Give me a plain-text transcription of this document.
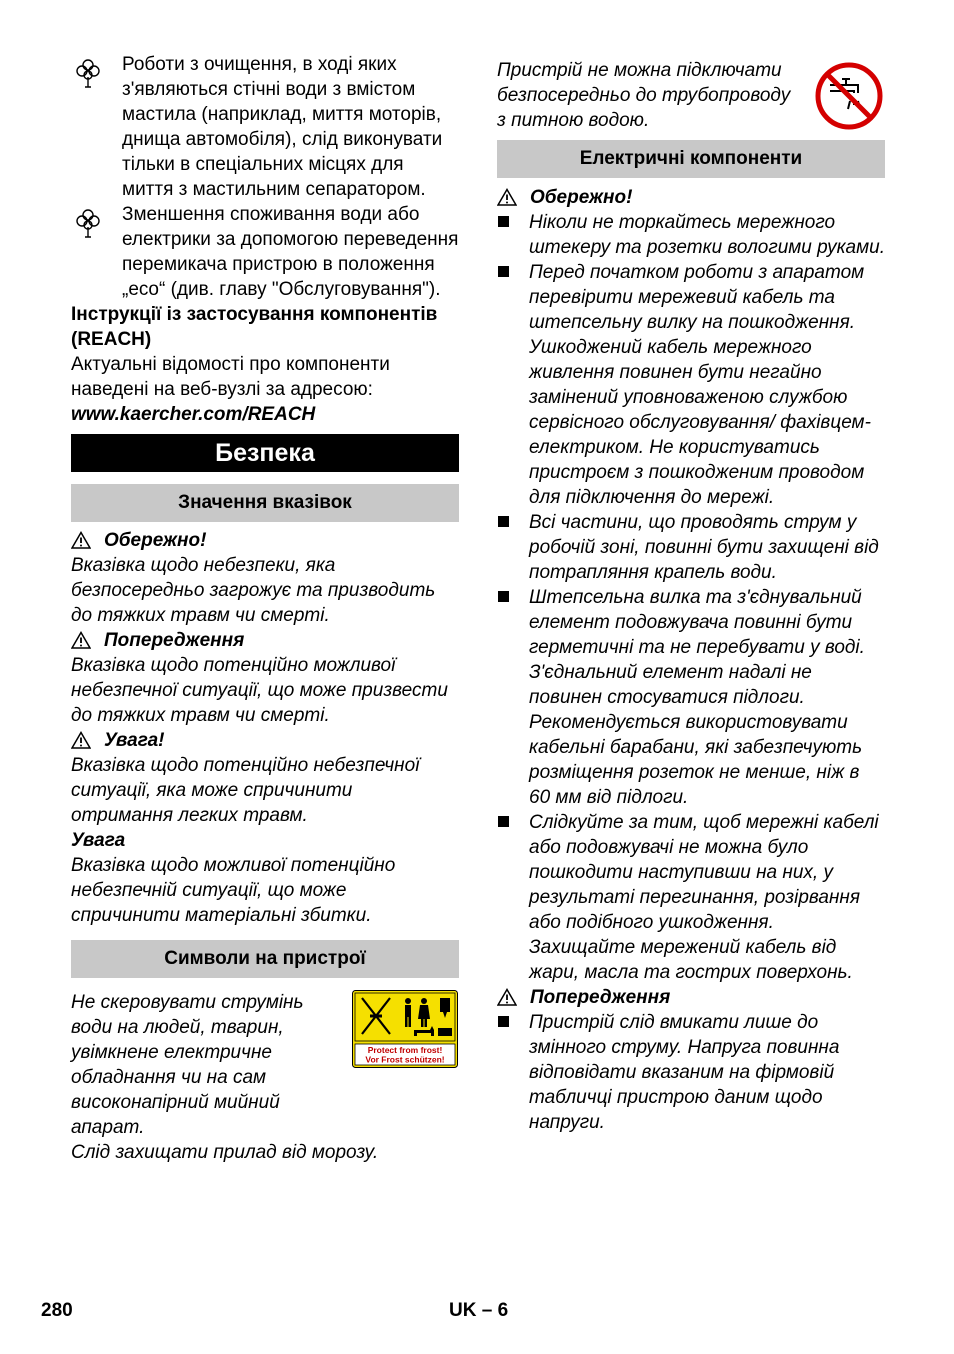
Роботи з очищення, в ході яких з'являються стічні води з вмістом мастила (наприклад, миття моторів, днища автомобіля), слід виконувати тільки в спеціальних місцях для миття з мастильним сепаратором.

Зменшення споживання води або електрики за допомогою переведення перемикача пристрою в положення „eco“ (див. главу "Обслуговування").

Інструкції із застосування компонентів (REACH)

Актуальні відомості про компоненти наведені на веб-вузлі за адресою:

www.kaercher.com/REACH

Безпека
Значення вказівок
Обережно!

Вказівка щодо небезпеки, яка безпосередньо загрожує та призводить до тяжких травм чи смерті.

Попередження

Вказівка щодо потенційно можливої небезпечної ситуації, що може призвести до тяжких травм чи смерті.

Увага!

Вказівка щодо потенційно небезпечної ситуації, яка може спричинити отримання легких травм.

Увага

Вказівка щодо можливої потенційно небезпечній ситуації, що може спричинити матеріальні збитки.

Символи на пристрої
Protect from frost!
Vor Frost schützen!

Не скеровувати струмінь води на людей, тварин, увімкнене електричне обладнання чи на сам високонапірний мийний апарат.

Слід захищати прилад від морозу.

Пристрій не можна підключати безпосередньо до трубопроводу з питною водою.

Електричні компоненти
Обережно!

Ніколи не торкайтесь мережного штекеру та розетки вологими руками.

Перед початком роботи з апаратом перевірити мережевий кабель та штепсельну вилку на пошкодження. Ушкоджений кабель мережного живлення повинен бути негайно замінений уповноваженою службою сервісного обслуговування/ фахівцем-електриком. Не користуватись пристроєм з пошкодженим проводом для підключення до мережі.

Всі частини, що проводять струм у робочій зоні, повинні бути захищені від потрапляння крапель води.

Штепсельна вилка та з'єднувальний елемент подовжувача повинні бути герметичні та не перебувати у воді. З'єднальний елемент надалі не повинен стосуватися підлоги. Рекомендується використовувати кабельні барабани, які забезпечують розміщення розеток не менше, ніж в 60 мм від підлоги.

Слідкуйте за тим, щоб мережні кабелі або подовжувачі не можна було пошкодити наступивши на них, у результаті перегинання, розірвання або подібного ушкодження. Захищайте мережений кабель від жари, масла та гострих поверхонь.

Попередження

Пристрій слід вмикати лише до змінного струму. Напруга повинна відповідати вказаним на фірмовій табличці пристрою даним щодо напруги.

280	UK – 6
